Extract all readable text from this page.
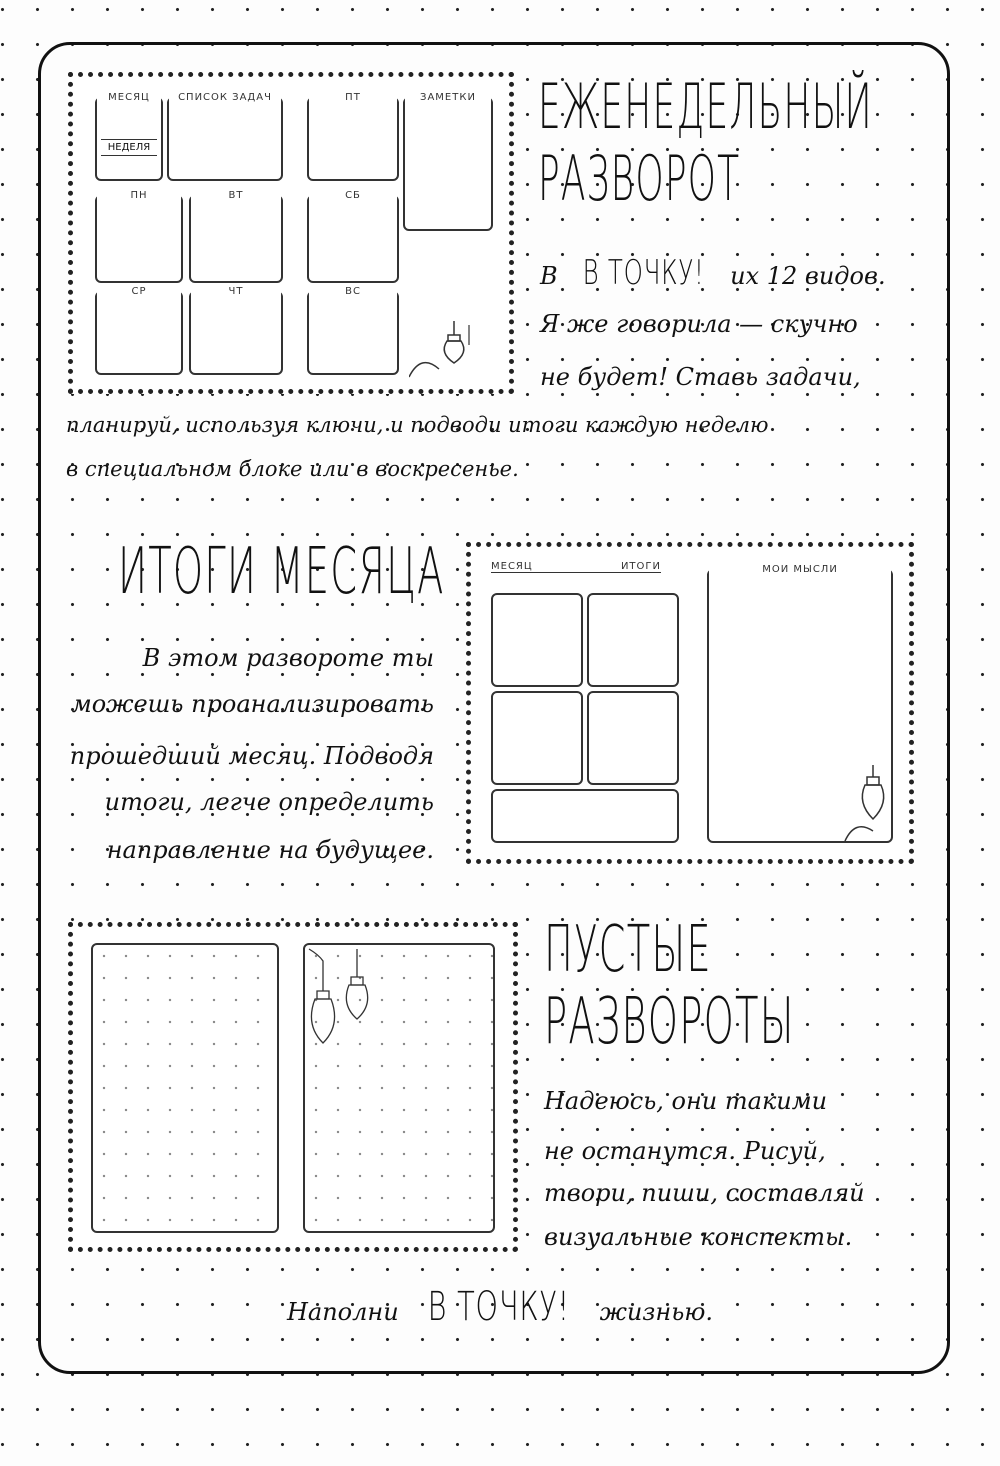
МЕСЯЦ
НЕДЕЛЯ
СПИСОК ЗАДАЧ	ПТ	ЗАМЕТКИ
ПН	ВТ	СБ
СР	ЧТ	ВС
ЕЖЕНЕДЕЛЬНЫЙ
РАЗВОРОТ
В В ТОЧКУ! их 12 видов.
Я же говорила — скучно
не будет! Ставь задачи,
планируй, используя ключи, и подводи итоги каждую неделю
в специальном блоке или в воскресенье.
ИТОГИ МЕСЯЦА
В этом развороте ты
можешь проанализировать
прошедший месяц. Подводя
итоги, легче определить
направление на будущее.
МЕСЯЦ	ИТОГИ	МОИ МЫСЛИ
ПУСТЫЕ
РАЗВОРОТЫ
Надеюсь, они такими
не останутся. Рисуй,
твори, пиши, составляй
визуальные конспекты.
Наполни В ТОЧКУ! жизнью.
